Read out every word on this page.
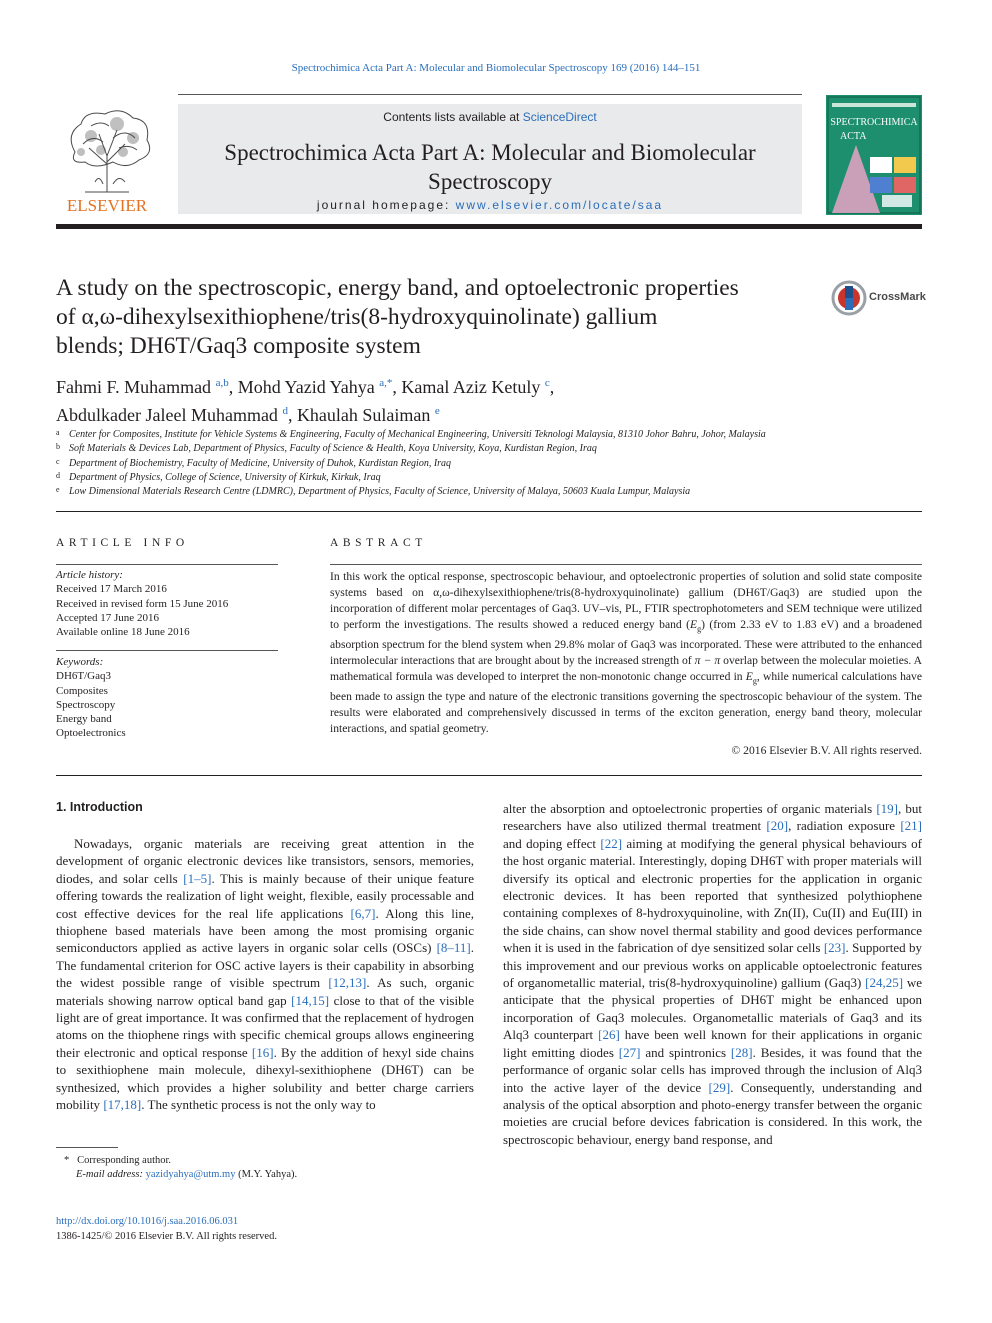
Spectrochimica Acta Part A: Molecular and Biomolecular Spectroscopy 169 (2016) 144–151
ELSEVIER
Contents lists available at ScienceDirect
Spectrochimica Acta Part A: Molecular and Biomolecular
Spectroscopy
journal homepage: www.elsevier.com/locate/saa
SPECTROCHIMICA
ACTA
A study on the spectroscopic, energy band, and optoelectronic properties
of α,ω-dihexylsexithiophene/tris(8-hydroxyquinolinate) gallium
blends; DH6T/Gaq3 composite system
CrossMark
Fahmi F. Muhammad $^{a,b}$, Mohd Yazid Yahya $^{a,*}$, Kamal Aziz Ketuly $^c$,
Abdulkader Jaleel Muhammad $^d$, Khaulah Sulaiman $^e$
a Center for Composites, Institute for Vehicle Systems & Engineering, Faculty of Mechanical Engineering, Universiti Teknologi Malaysia, 81310 Johor Bahru, Johor, Malaysia
b Soft Materials & Devices Lab, Department of Physics, Faculty of Science & Health, Koya University, Koya, Kurdistan Region, Iraq
c Department of Biochemistry, Faculty of Medicine, University of Duhok, Kurdistan Region, Iraq
d Department of Physics, College of Science, University of Kirkuk, Kirkuk, Iraq
e Low Dimensional Materials Research Centre (LDMRC), Department of Physics, Faculty of Science, University of Malaya, 50603 Kuala Lumpur, Malaysia
ARTICLE INFO
Article history:
Received 17 March 2016
Received in revised form 15 June 2016
Accepted 17 June 2016
Available online 18 June 2016
Keywords:
DH6T/Gaq3
Composites
Spectroscopy
Energy band
Optoelectronics
ABSTRACT
In this work the optical response, spectroscopic behaviour, and optoelectronic properties of solution and solid state composite systems based on α,ω-dihexylsexithiophene/tris(8-hydroxyquinolinate) gallium (DH6T/Gaq3) are studied upon the incorporation of different molar percentages of Gaq3. UV–vis, PL, FTIR spectrophotometers and SEM technique were utilized to perform the investigations. The results showed a reduced energy band $(E_g)$ (from 2.33 eV to 1.83 eV) and a broadened absorption spectrum for the blend system when 29.8% molar of Gaq3 was incorporated. These were attributed to the enhanced intermolecular interactions that are brought about by the increased strength of π − π overlap between the molecular moieties. A mathematical formula was developed to interpret the non-monotonic change occurred in $E_g$, while numerical calculations have been made to assign the type and nature of the electronic transitions governing the spectroscopic behaviour of the system. The results were elaborated and comprehensively discussed in terms of the exciton generation, energy band theory, molecular interactions, and spatial geometry.
© 2016 Elsevier B.V. All rights reserved.
1. Introduction
Nowadays, organic materials are receiving great attention in the development of organic electronic devices like transistors, sensors, memories, diodes, and solar cells [1–5]. This is mainly because of their unique feature offering towards the realization of light weight, flexible, easily processable and cost effective devices for the real life applications [6,7]. Along this line, thiophene based materials have been among the most promising organic semiconductors applied as active layers in organic solar cells (OSCs) [8–11]. The fundamental criterion for OSC active layers is their capability in absorbing the widest possible range of visible spectrum [12,13]. As such, organic materials showing narrow optical band gap [14,15] close to that of the visible light are of great importance. It was confirmed that the replacement of hydrogen atoms on the thiophene rings with specific chemical groups allows engineering their electronic and optical response [16]. By the addition of hexyl side chains to sexithiophene main molecule, dihexyl-sexithiophene (DH6T) can be synthesized, which provides a higher solubility and better charge carriers mobility [17,18]. The synthetic process is not the only way to
alter the absorption and optoelectronic properties of organic materials [19], but researchers have also utilized thermal treatment [20], radiation exposure [21] and doping effect [22] aiming at modifying the general physical behaviours of the host organic material. Interestingly, doping DH6T with proper materials will diversify its optical and electronic properties for the application in organic electronic devices. It has been reported that synthesized polythiophene containing complexes of 8-hydroxyquinoline, with Zn(II), Cu(II) and Eu(III) in the side chains, can show novel thermal stability and good devices performance when it is used in the fabrication of dye sensitized solar cells [23]. Supported by this improvement and our previous works on applicable optoelectronic features of organometallic material, tris(8-hydroxyquinoline) gallium (Gaq3) [24,25] we anticipate that the physical properties of DH6T might be enhanced upon incorporation of Gaq3 molecules. Organometallic materials of Gaq3 and its Alq3 counterpart [26] have been well known for their applications in organic light emitting diodes [27] and spintronics [28]. Besides, it was found that the performance of organic solar cells has improved through the inclusion of Alq3 into the active layer of the device [29]. Consequently, understanding and analysis of the optical absorption and photo-energy transfer between the organic moieties are crucial before devices fabrication is considered. In this work, the spectroscopic behaviour, energy band response, and
* Corresponding author.
E-mail address: yazidyahya@utm.my (M.Y. Yahya).
http://dx.doi.org/10.1016/j.saa.2016.06.031
1386-1425/© 2016 Elsevier B.V. All rights reserved.
